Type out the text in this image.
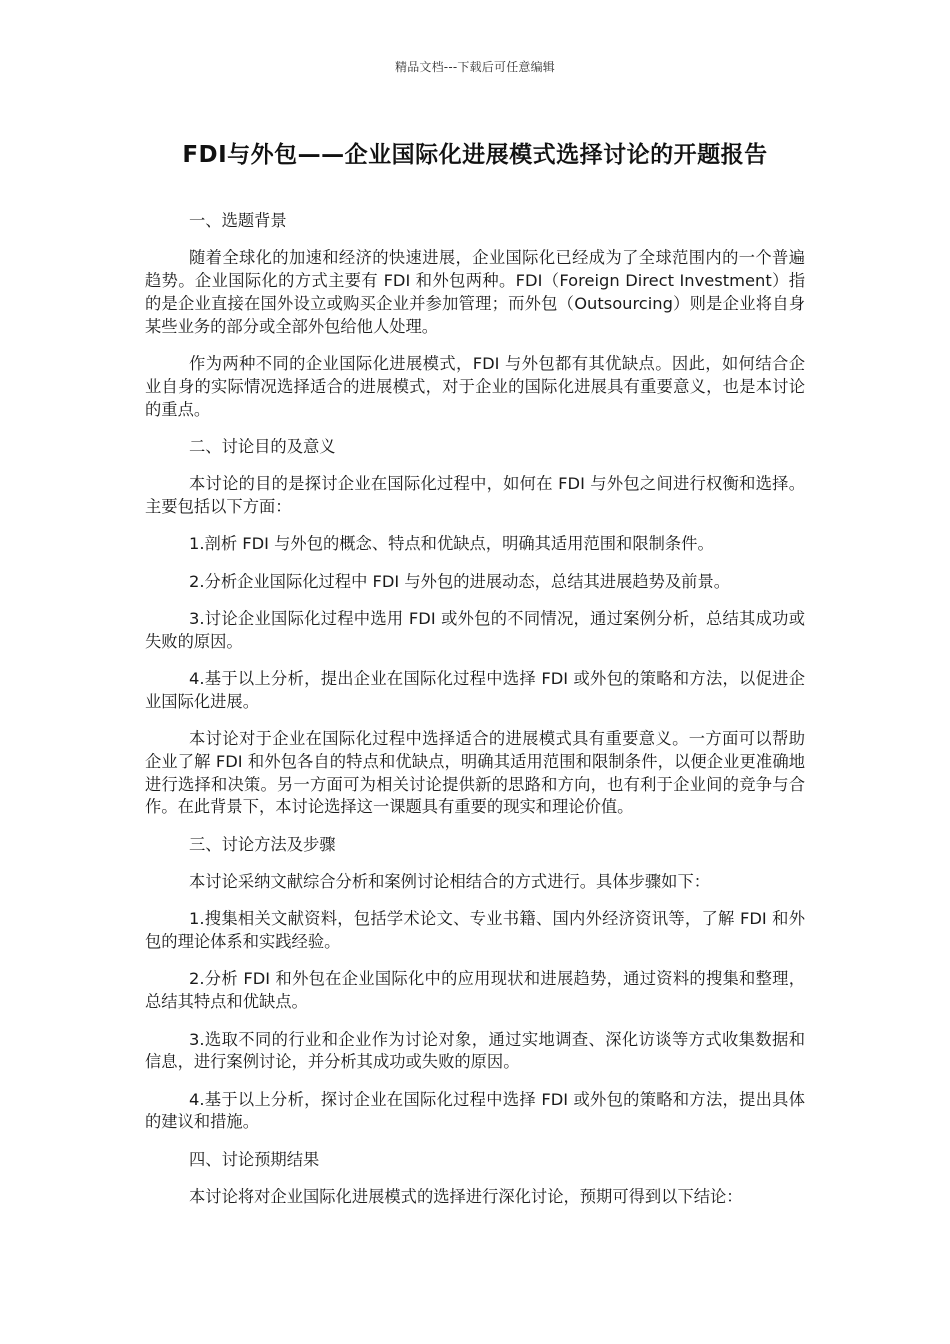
精品文档---下载后可任意编辑
FDI与外包——企业国际化进展模式选择讨论的开题报告
一、选题背景

随着全球化的加速和经济的快速进展，企业国际化已经成为了全球范围内的一个普遍趋势。企业国际化的方式主要有 FDI 和外包两种。FDI（Foreign Direct Investment）指的是企业直接在国外设立或购买企业并参加管理；而外包（Outsourcing）则是企业将自身某些业务的部分或全部外包给他人处理。

作为两种不同的企业国际化进展模式，FDI 与外包都有其优缺点。因此，如何结合企业自身的实际情况选择适合的进展模式，对于企业的国际化进展具有重要意义，也是本讨论的重点。

二、讨论目的及意义

本讨论的目的是探讨企业在国际化过程中，如何在 FDI 与外包之间进行权衡和选择。主要包括以下方面：

1.剖析 FDI 与外包的概念、特点和优缺点，明确其适用范围和限制条件。

2.分析企业国际化过程中 FDI 与外包的进展动态，总结其进展趋势及前景。

3.讨论企业国际化过程中选用 FDI 或外包的不同情况，通过案例分析，总结其成功或失败的原因。

4.基于以上分析，提出企业在国际化过程中选择 FDI 或外包的策略和方法，以促进企业国际化进展。

本讨论对于企业在国际化过程中选择适合的进展模式具有重要意义。一方面可以帮助企业了解 FDI 和外包各自的特点和优缺点，明确其适用范围和限制条件，以便企业更准确地进行选择和决策。另一方面可为相关讨论提供新的思路和方向，也有利于企业间的竞争与合作。在此背景下，本讨论选择这一课题具有重要的现实和理论价值。

三、讨论方法及步骤

本讨论采纳文献综合分析和案例讨论相结合的方式进行。具体步骤如下：

1.搜集相关文献资料，包括学术论文、专业书籍、国内外经济资讯等，了解 FDI 和外包的理论体系和实践经验。

2.分析 FDI 和外包在企业国际化中的应用现状和进展趋势，通过资料的搜集和整理，总结其特点和优缺点。

3.选取不同的行业和企业作为讨论对象，通过实地调查、深化访谈等方式收集数据和信息，进行案例讨论，并分析其成功或失败的原因。

4.基于以上分析，探讨企业在国际化过程中选择 FDI 或外包的策略和方法，提出具体的建议和措施。

四、讨论预期结果

本讨论将对企业国际化进展模式的选择进行深化讨论，预期可得到以下结论：
